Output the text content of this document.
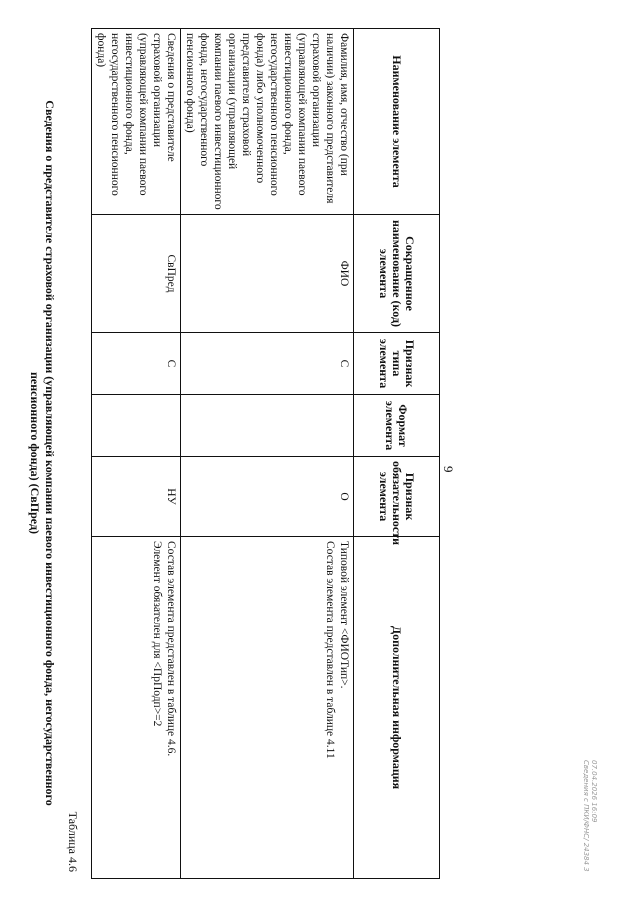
9
Наименование элемента	Сокращенное наименование (код) элемента	Признак типа элемента	Формат элемента	Признак обязательности элемента	Дополнительная информация
Фамилия, имя, отчество (при наличии) законного представителя страховой организации (управляющей компании паевого инвестиционного фонда, негосударственного пенсионного фонда) либо уполномоченного представителя страховой организации (управляющей компании паевого инвестиционного фонда, негосударственного пенсионного фонда)	ФИО	С		О	Типовой элемент <ФИОТип>.
Состав элемента представлен в таблице 4.11

Сведения о представителе страховой организации (управляющей компании паевого инвестиционного фонда, негосударственного пенсионного фонда)	СвПред	С		НУ	Состав элемента представлен в таблице 4.6.
Элемент обязателен для <ПрПодп>=2
Таблица 4.6
Сведения о представителе страховой организации (управляющей компании паевого инвестиционного фонда, негосударственного пенсионного фонда) (СвПред)
07.04.2026 16:09
Сведения с ПКИ/ФНС/ 24384 3
